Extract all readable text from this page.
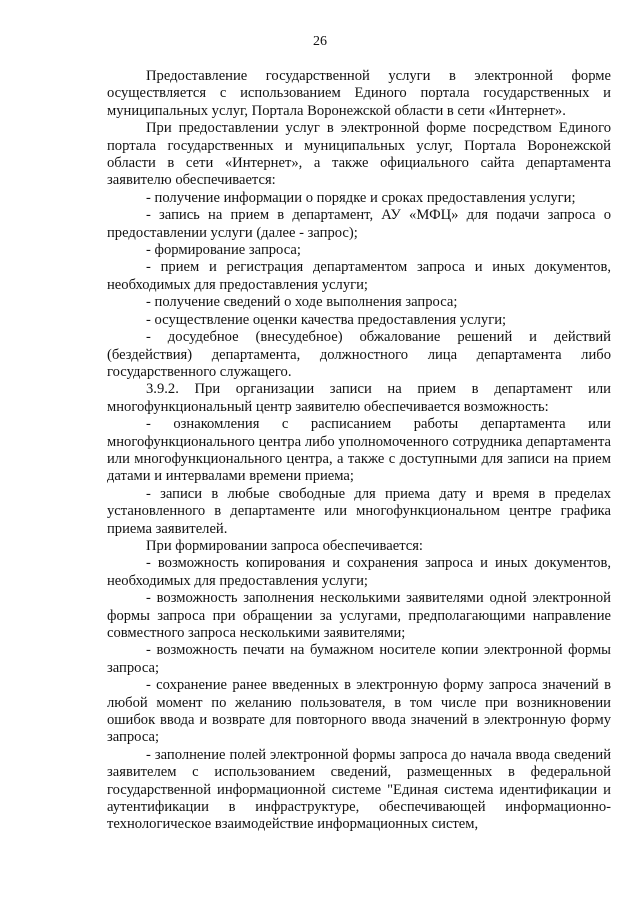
26

Предоставление государственной услуги в электронной форме осуществляется с использованием Единого портала государственных и муниципальных услуг, Портала Воронежской области в сети «Интернет».

При предоставлении услуг в электронной форме посредством Единого портала государственных и муниципальных услуг, Портала Воронежской области в сети «Интернет», а также официального сайта департамента заявителю обеспечивается:

- получение информации о порядке и сроках предоставления услуги;

- запись на прием в департамент, АУ «МФЦ» для подачи запроса о предоставлении услуги (далее - запрос);

- формирование запроса;

- прием и регистрация департаментом запроса и иных документов, необходимых для предоставления услуги;

- получение сведений о ходе выполнения запроса;

- осуществление оценки качества предоставления услуги;

- досудебное (внесудебное) обжалование решений и действий (бездействия) департамента, должностного лица департамента либо государственного служащего.

3.9.2. При организации записи на прием в департамент или многофункциональный центр заявителю обеспечивается возможность:

- ознакомления с расписанием работы департамента или многофункционального центра либо уполномоченного сотрудника департамента или многофункционального центра, а также с доступными для записи на прием датами и интервалами времени приема;

- записи в любые свободные для приема дату и время в пределах установленного в департаменте или многофункциональном центре графика приема заявителей.

При формировании запроса обеспечивается:

- возможность копирования и сохранения запроса и иных документов, необходимых для предоставления услуги;

- возможность заполнения несколькими заявителями одной электронной формы запроса при обращении за услугами, предполагающими направление совместного запроса несколькими заявителями;

- возможность печати на бумажном носителе копии электронной формы запроса;

- сохранение ранее введенных в электронную форму запроса значений в любой момент по желанию пользователя, в том числе при возникновении ошибок ввода и возврате для повторного ввода значений в электронную форму запроса;

- заполнение полей электронной формы запроса до начала ввода сведений заявителем с использованием сведений, размещенных в федеральной государственной информационной системе "Единая система идентификации и аутентификации в инфраструктуре, обеспечивающей информационно-технологическое взаимодействие информационных систем,
